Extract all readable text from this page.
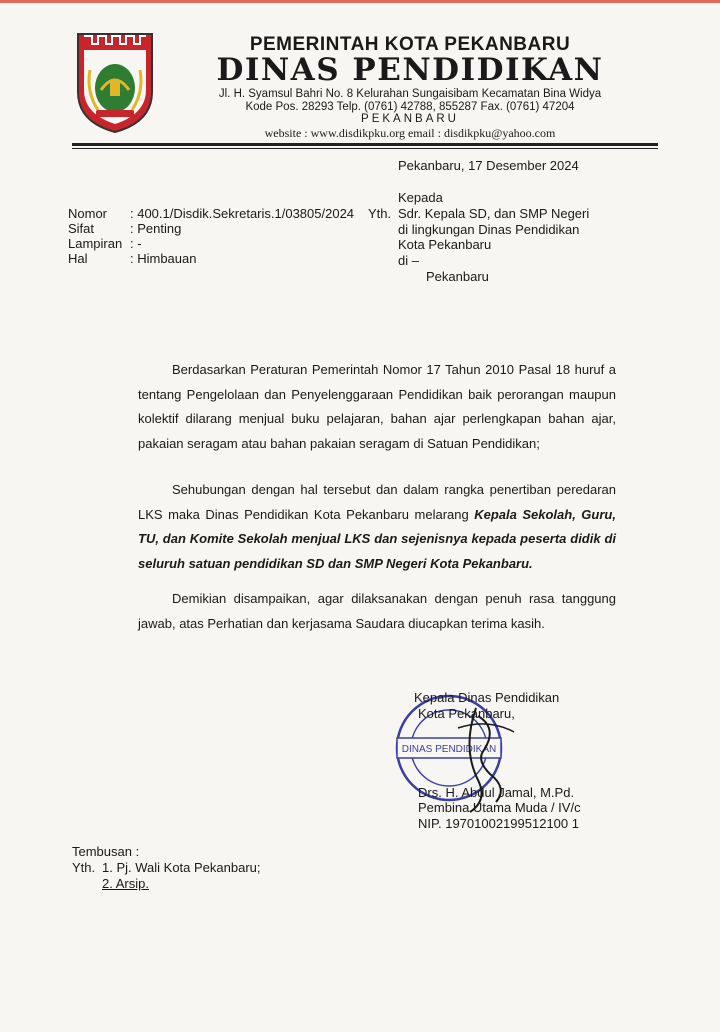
PEMERINTAH KOTA PEKANBARU
DINAS PENDIDIKAN
Jl. H. Syamsul Bahri No. 8 Kelurahan Sungaisibam Kecamatan Bina Widya
Kode Pos. 28293 Telp. (0761) 42788, 855287 Fax. (0761) 47204
PEKANBARU
website : www.disdikpku.org email : disdikpku@yahoo.com
Pekanbaru, 17 Desember 2024
Kepada
Yth. Sdr. Kepala SD, dan SMP Negeri
di lingkungan Dinas Pendidikan
Kota Pekanbaru
di –
Pekanbaru
Nomor : 400.1/Disdik.Sekretaris.1/03805/2024
Sifat	: Penting
Lampiran : -
Hal	: Himbauan
Berdasarkan Peraturan Pemerintah Nomor 17 Tahun 2010 Pasal 18 huruf a tentang Pengelolaan dan Penyelenggaraan Pendidikan baik perorangan maupun kolektif dilarang menjual buku pelajaran, bahan ajar perlengkapan bahan ajar, pakaian seragam atau bahan pakaian seragam di Satuan Pendidikan;
Sehubungan dengan hal tersebut dan dalam rangka penertiban peredaran LKS maka Dinas Pendidikan Kota Pekanbaru melarang Kepala Sekolah, Guru, TU, dan Komite Sekolah menjual LKS dan sejenisnya kepada peserta didik di seluruh satuan pendidikan SD dan SMP Negeri Kota Pekanbaru.
Demikian disampaikan, agar dilaksanakan dengan penuh rasa tanggung jawab, atas Perhatian dan kerjasama Saudara diucapkan terima kasih.
DINAS PENDIDIKAN
Kepala Dinas Pendidikan
Kota Pekanbaru,
Drs. H. Abdul Jamal, M.Pd.
Pembina Utama Muda / IV/c
NIP. 19701002199512100 1
Tembusan :
Yth. 1. Pj. Wali Kota Pekanbaru;
2. Arsip.
